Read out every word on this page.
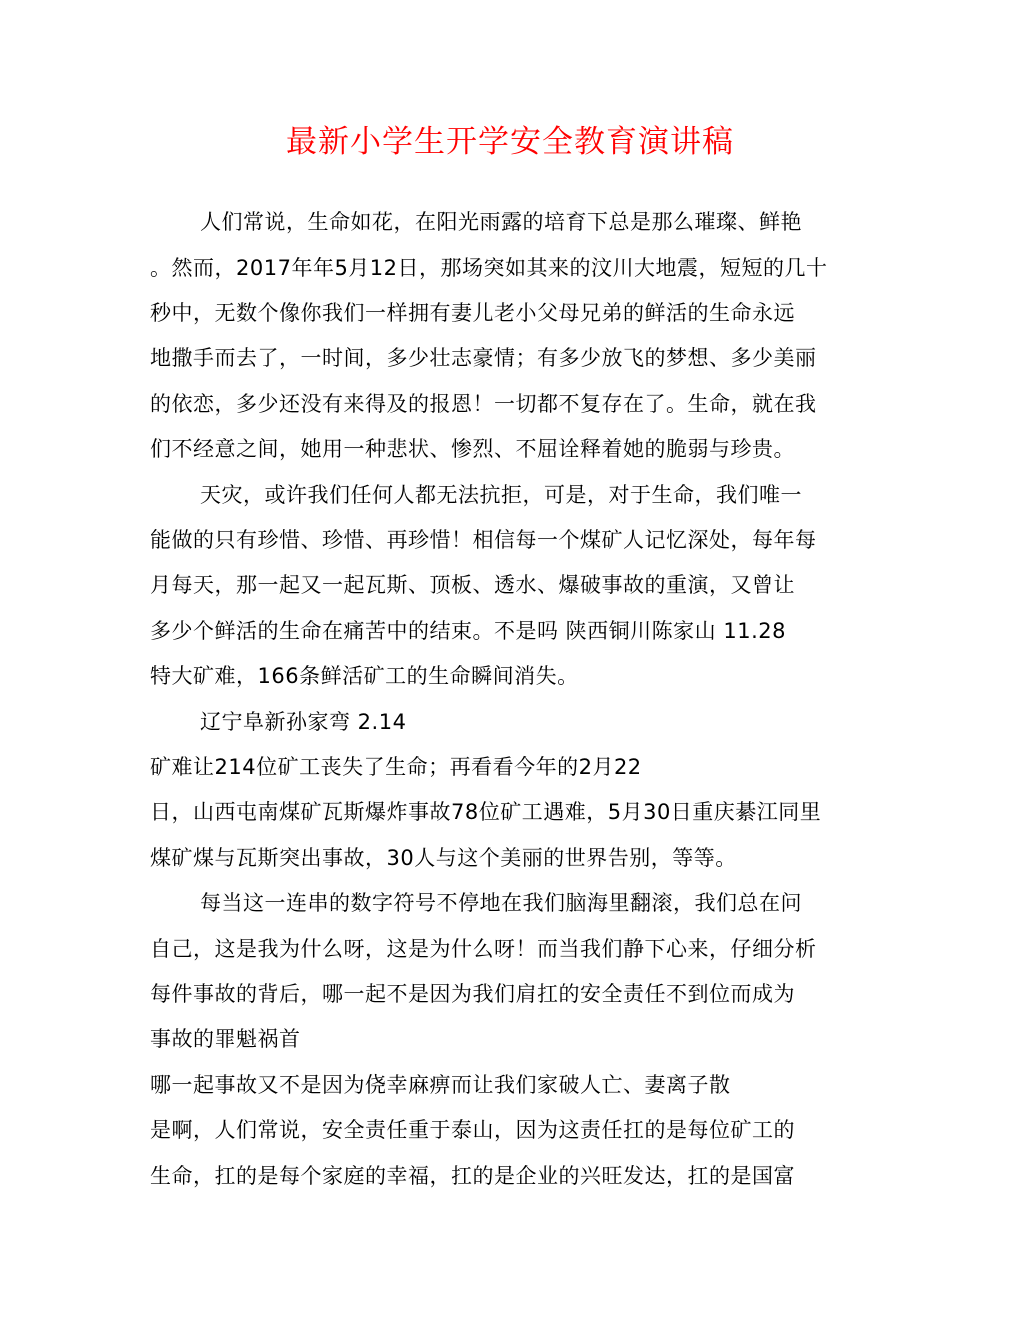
最新小学生开学安全教育演讲稿
人们常说，生命如花，在阳光雨露的培育下总是那么璀璨、鲜艳
。然而，2017年年5月12日，那场突如其来的汶川大地震，短短的几十
秒中，无数个像你我们一样拥有妻儿老小父母兄弟的鲜活的生命永远
地撒手而去了，一时间，多少壮志豪情；有多少放飞的梦想、多少美丽
的依恋，多少还没有来得及的报恩！一切都不复存在了。生命，就在我
们不经意之间，她用一种悲状、惨烈、不屈诠释着她的脆弱与珍贵。
天灾，或许我们任何人都无法抗拒，可是，对于生命，我们唯一
能做的只有珍惜、珍惜、再珍惜！相信每一个煤矿人记忆深处，每年每
月每天，那一起又一起瓦斯、顶板、透水、爆破事故的重演，又曾让
多少个鲜活的生命在痛苦中的结束。不是吗 陕西铜川陈家山 11.28
特大矿难，166条鲜活矿工的生命瞬间消失。
辽宁阜新孙家弯 2.14
矿难让214位矿工丧失了生命；再看看今年的2月22
日，山西屯南煤矿瓦斯爆炸事故78位矿工遇难，5月30日重庆綦江同里
煤矿煤与瓦斯突出事故，30人与这个美丽的世界告别，等等。
每当这一连串的数字符号不停地在我们脑海里翻滚，我们总在问
自己，这是我为什么呀，这是为什么呀！而当我们静下心来，仔细分析
每件事故的背后，哪一起不是因为我们肩扛的安全责任不到位而成为
事故的罪魁祸首
哪一起事故又不是因为侥幸麻痹而让我们家破人亡、妻离子散
是啊，人们常说，安全责任重于泰山，因为这责任扛的是每位矿工的
生命，扛的是每个家庭的幸福，扛的是企业的兴旺发达，扛的是国富
